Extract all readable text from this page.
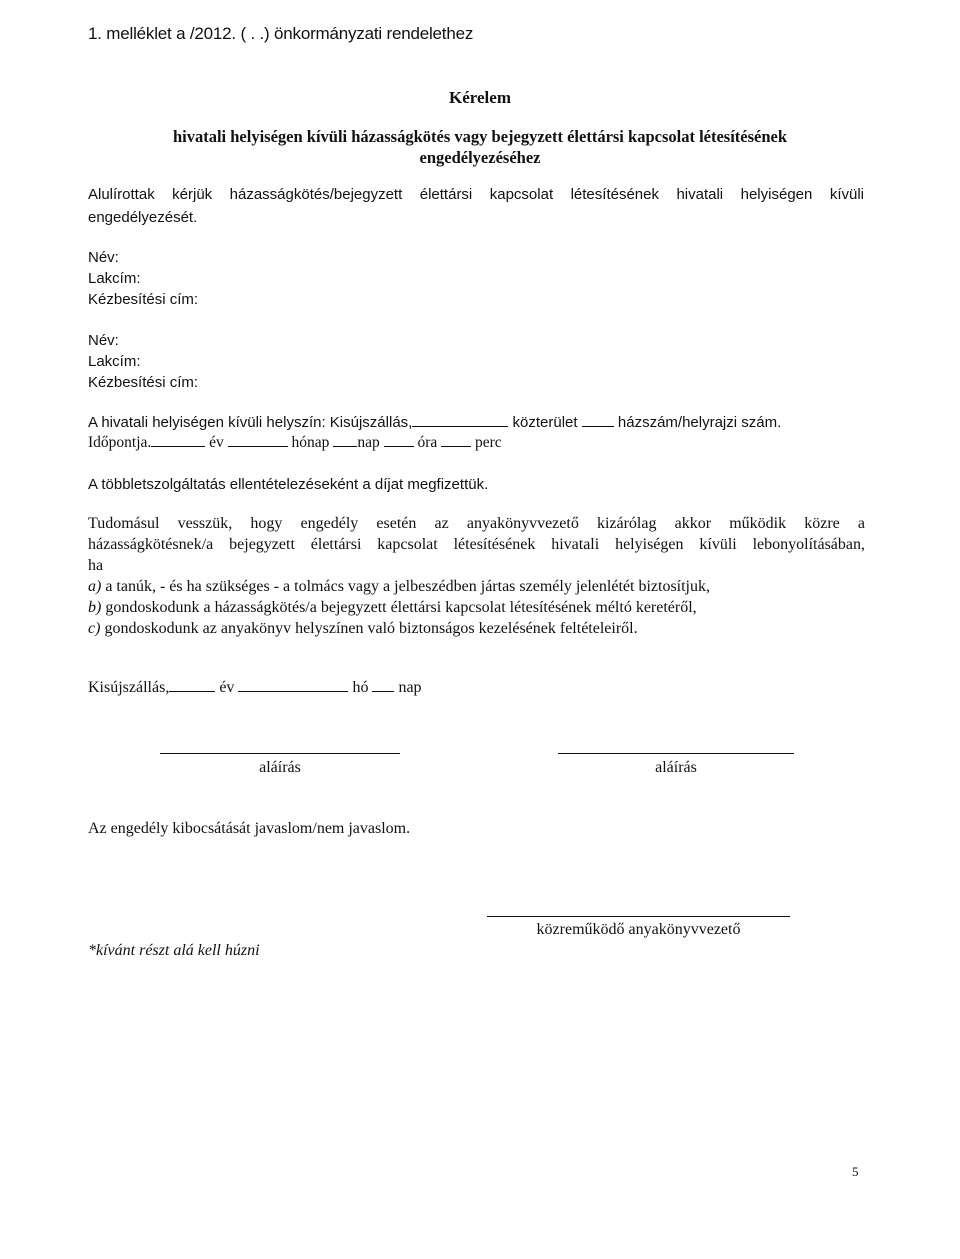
1. melléklet a /2012. ( . .) önkormányzati rendelethez
Kérelem
hivatali helyiségen kívüli házasságkötés vagy bejegyzett élettársi kapcsolat létesítésének
engedélyezéséhez
Alulírottak kérjük házasságkötés/bejegyzett élettársi kapcsolat létesítésének hivatali helyiségen kívüli
engedélyezését.
Név:
Lakcím:
Kézbesítési cím:
Név:
Lakcím:
Kézbesítési cím:
A hivatali helyiségen kívüli helyszín: Kisújszállás,	közterület	házszám/helyrajzi szám.
Időpontja.	év	hónap nap óra perc
A többletszolgáltatás ellentételezéseként a díjat megfizettük.
Tudomásul vesszük, hogy engedély esetén az anyakönyvvezető kizárólag akkor működik közre a
házasságkötésnek/a bejegyzett élettársi kapcsolat létesítésének hivatali helyiségen kívüli lebonyolításában,
ha
a) a tanúk, - és ha szükséges - a tolmács vagy a jelbeszédben jártas személy jelenlétét biztosítjuk,
b) gondoskodunk a házasságkötés/a bejegyzett élettársi kapcsolat létesítésének méltó keretéről,
c) gondoskodunk az anyakönyv helyszínen való biztonságos kezelésének feltételeiről.
Kisújszállás,	év	hó nap
aláírás	aláírás
Az engedély kibocsátását javaslom/nem javaslom.
közreműködő anyakönyvvezető
*kívánt részt alá kell húzni
5
